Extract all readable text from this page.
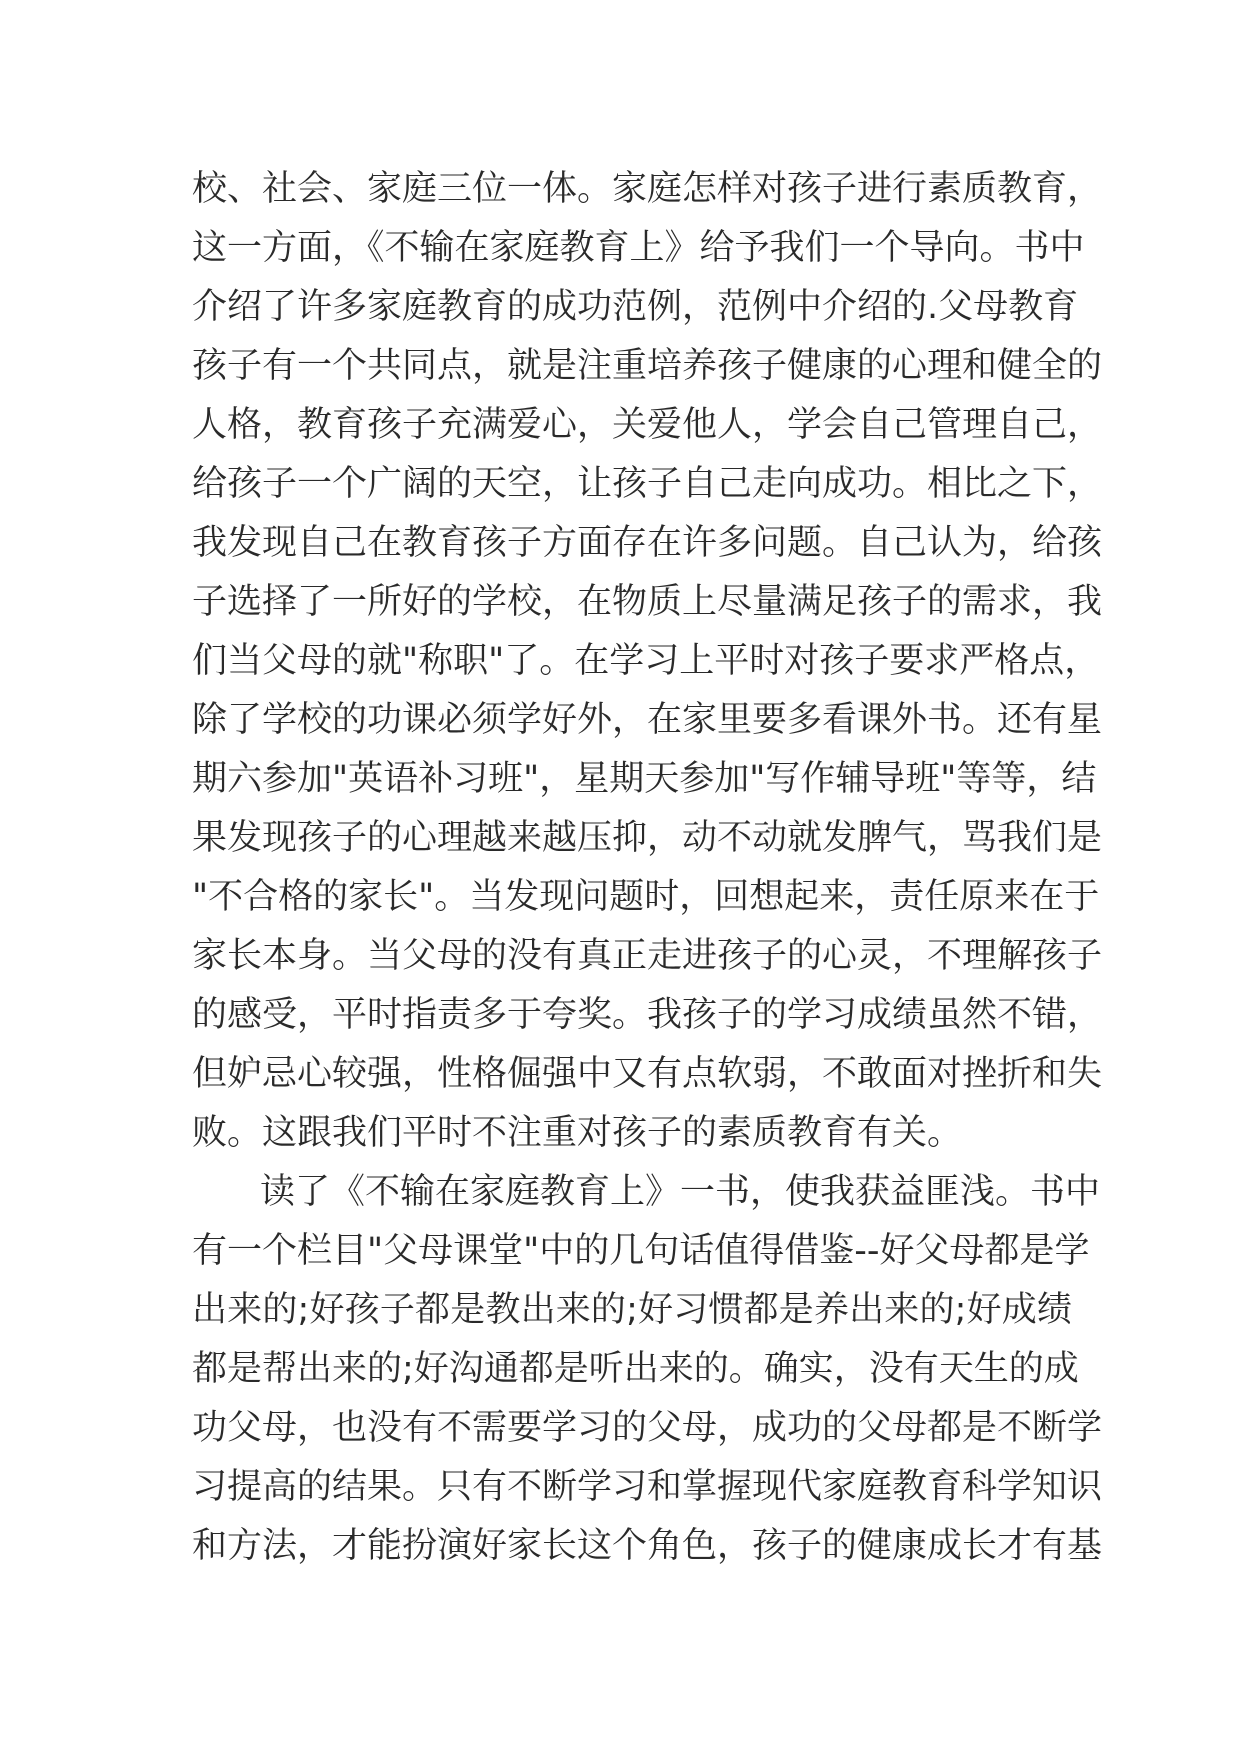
校、社会、家庭三位一体。家庭怎样对孩子进行素质教育，
这一方面，《不输在家庭教育上》给予我们一个导向。书中
介绍了许多家庭教育的成功范例，范例中介绍的.父母教育
孩子有一个共同点，就是注重培养孩子健康的心理和健全的
人格，教育孩子充满爱心，关爱他人，学会自己管理自己，
给孩子一个广阔的天空，让孩子自己走向成功。相比之下，
我发现自己在教育孩子方面存在许多问题。自己认为，给孩
子选择了一所好的学校，在物质上尽量满足孩子的需求，我
们当父母的就"称职"了。在学习上平时对孩子要求严格点，
除了学校的功课必须学好外，在家里要多看课外书。还有星
期六参加"英语补习班"，星期天参加"写作辅导班"等等，结
果发现孩子的心理越来越压抑，动不动就发脾气，骂我们是
"不合格的家长"。当发现问题时，回想起来，责任原来在于
家长本身。当父母的没有真正走进孩子的心灵，不理解孩子
的感受，平时指责多于夸奖。我孩子的学习成绩虽然不错，
但妒忌心较强，性格倔强中又有点软弱，不敢面对挫折和失
败。这跟我们平时不注重对孩子的素质教育有关。
读了《不输在家庭教育上》一书，使我获益匪浅。书中
有一个栏目"父母课堂"中的几句话值得借鉴--好父母都是学
出来的;好孩子都是教出来的;好习惯都是养出来的;好成绩
都是帮出来的;好沟通都是听出来的。确实，没有天生的成
功父母，也没有不需要学习的父母，成功的父母都是不断学
习提高的结果。只有不断学习和掌握现代家庭教育科学知识
和方法，才能扮演好家长这个角色，孩子的健康成长才有基
